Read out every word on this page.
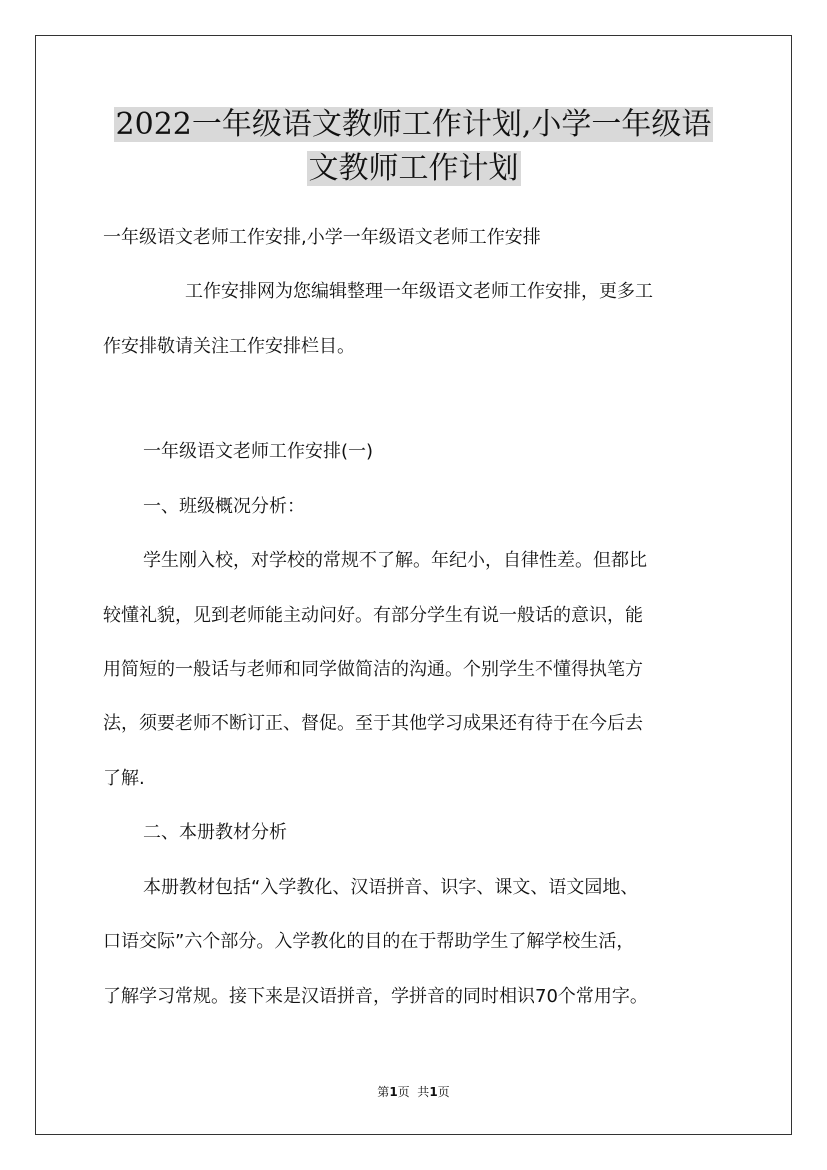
2022一年级语文教师工作计划,小学一年级语
文教师工作计划
一年级语文老师工作安排,小学一年级语文老师工作安排
工作安排网为您编辑整理一年级语文老师工作安排，更多工
作安排敬请关注工作安排栏目。
一年级语文老师工作安排(一)
一、班级概况分析：
学生刚入校，对学校的常规不了解。年纪小，自律性差。但都比
较懂礼貌，见到老师能主动问好。有部分学生有说一般话的意识，能
用简短的一般话与老师和同学做简洁的沟通。个别学生不懂得执笔方
法，须要老师不断订正、督促。至于其他学习成果还有待于在今后去
了解.
二、本册教材分析
本册教材包括“入学教化、汉语拼音、识字、课文、语文园地、
口语交际”六个部分。入学教化的目的在于帮助学生了解学校生活，
了解学习常规。接下来是汉语拼音，学拼音的同时相识70个常用字。
第1页  共1页
